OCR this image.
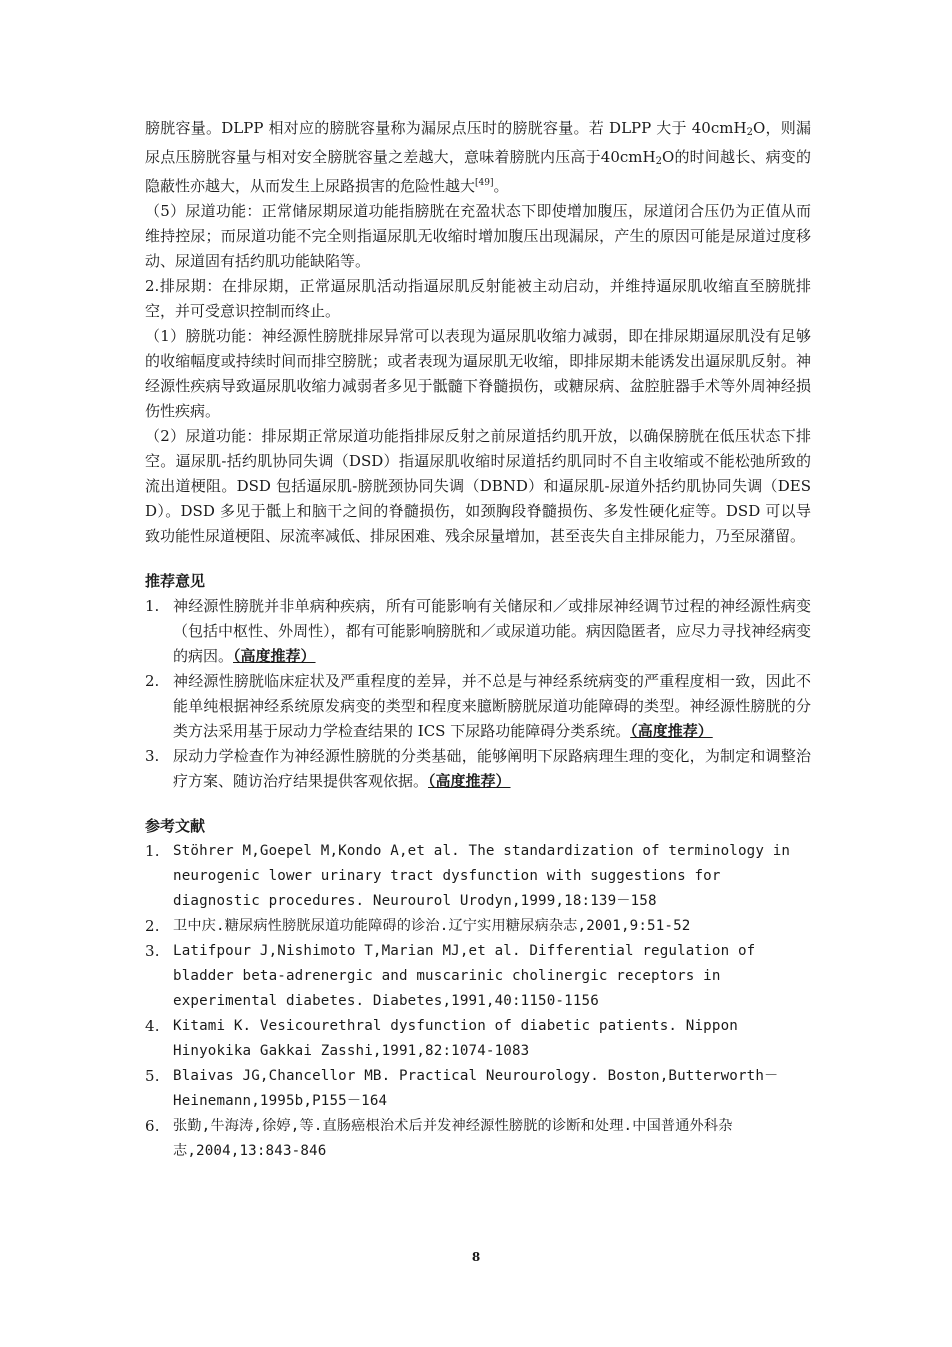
膀胱容量。DLPP 相对应的膀胱容量称为漏尿点压时的膀胱容量。若 DLPP 大于 40cmH$_2$O，则漏尿点压膀胱容量与相对安全膀胱容量之差越大，意味着膀胱内压高于40cmH$_2$O的时间越长、病变的隐蔽性亦越大，从而发生上尿路损害的危险性越大[49]。

（5）尿道功能：正常储尿期尿道功能指膀胱在充盈状态下即使增加腹压，尿道闭合压仍为正值从而维持控尿；而尿道功能不完全则指逼尿肌无收缩时增加腹压出现漏尿，产生的原因可能是尿道过度移动、尿道固有括约肌功能缺陷等。

2.排尿期：在排尿期，正常逼尿肌活动指逼尿肌反射能被主动启动，并维持逼尿肌收缩直至膀胱排空，并可受意识控制而终止。

（1）膀胱功能：神经源性膀胱排尿异常可以表现为逼尿肌收缩力减弱，即在排尿期逼尿肌没有足够的收缩幅度或持续时间而排空膀胱；或者表现为逼尿肌无收缩，即排尿期未能诱发出逼尿肌反射。神经源性疾病导致逼尿肌收缩力减弱者多见于骶髓下脊髓损伤，或糖尿病、盆腔脏器手术等外周神经损伤性疾病。

（2）尿道功能：排尿期正常尿道功能指排尿反射之前尿道括约肌开放，以确保膀胱在低压状态下排空。逼尿肌-括约肌协同失调（DSD）指逼尿肌收缩时尿道括约肌同时不自主收缩或不能松弛所致的流出道梗阻。DSD 包括逼尿肌-膀胱颈协同失调（DBND）和逼尿肌-尿道外括约肌协同失调（DESD）。DSD 多见于骶上和脑干之间的脊髓损伤，如颈胸段脊髓损伤、多发性硬化症等。DSD 可以导致功能性尿道梗阻、尿流率减低、排尿困难、残余尿量增加，甚至丧失自主排尿能力，乃至尿潴留。

推荐意见

1. 神经源性膀胱并非单病种疾病，所有可能影响有关储尿和／或排尿神经调节过程的神经源性病变（包括中枢性、外周性），都有可能影响膀胱和／或尿道功能。病因隐匿者，应尽力寻找神经病变的病因。（高度推荐）

2. 神经源性膀胱临床症状及严重程度的差异，并不总是与神经系统病变的严重程度相一致，因此不能单纯根据神经系统原发病变的类型和程度来臆断膀胱尿道功能障碍的类型。神经源性膀胱的分类方法采用基于尿动力学检查结果的 ICS 下尿路功能障碍分类系统。（高度推荐）

3. 尿动力学检查作为神经源性膀胱的分类基础，能够阐明下尿路病理生理的变化，为制定和调整治疗方案、随访治疗结果提供客观依据。（高度推荐）

参考文献

1. Stöhrer M,Goepel M,Kondo A,et al. The standardization of terminology in neurogenic lower urinary tract dysfunction with suggestions for diagnostic procedures. Neurourol Urodyn,1999,18:139－158

2. 卫中庆.糖尿病性膀胱尿道功能障碍的诊治.辽宁实用糖尿病杂志,2001,9:51-52

3. Latifpour J,Nishimoto T,Marian MJ,et al. Differential regulation of bladder beta-adrenergic and muscarinic cholinergic receptors in experimental diabetes. Diabetes,1991,40:1150-1156

4. Kitami K. Vesicourethral dysfunction of diabetic patients. Nippon Hinyokika Gakkai Zasshi,1991,82:1074-1083

5. Blaivas JG,Chancellor MB. Practical Neurourology. Boston,Butterworth－Heinemann,1995b,P155－164

6. 张勤,牛海涛,徐婷,等.直肠癌根治术后并发神经源性膀胱的诊断和处理.中国普通外科杂志,2004,13:843-846

8
